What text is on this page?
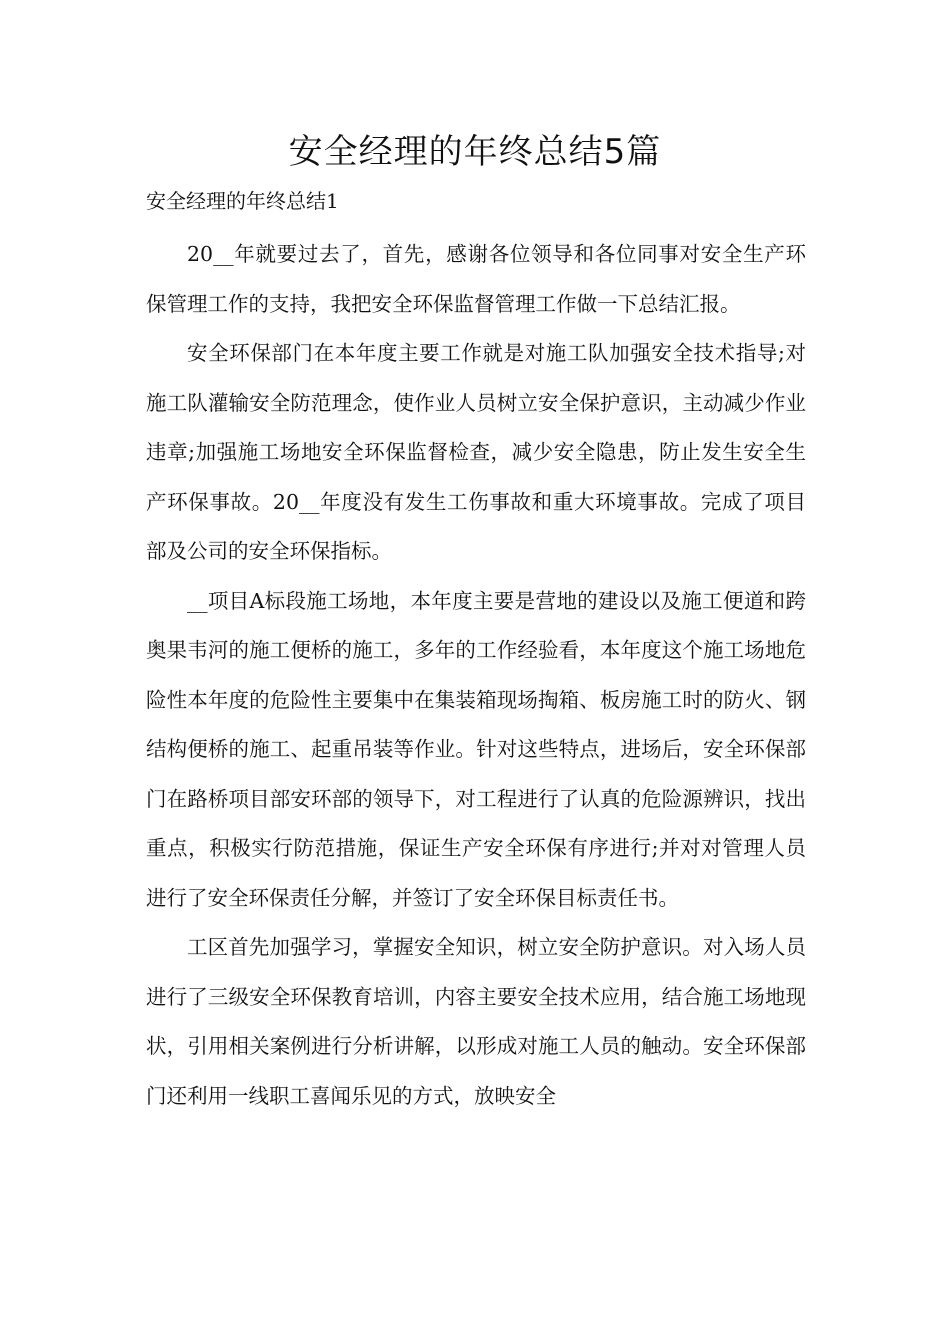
安全经理的年终总结5篇
安全经理的年终总结1

20__年就要过去了，首先，感谢各位领导和各位同事对安全生产环保管理工作的支持，我把安全环保监督管理工作做一下总结汇报。

安全环保部门在本年度主要工作就是对施工队加强安全技术指导;对施工队灌输安全防范理念，使作业人员树立安全保护意识，主动减少作业违章;加强施工场地安全环保监督检查，减少安全隐患，防止发生安全生产环保事故。20__年度没有发生工伤事故和重大环境事故。完成了项目部及公司的安全环保指标。

__项目A标段施工场地，本年度主要是营地的建设以及施工便道和跨奥果韦河的施工便桥的施工，多年的工作经验看，本年度这个施工场地危险性本年度的危险性主要集中在集装箱现场掏箱、板房施工时的防火、钢结构便桥的施工、起重吊装等作业。针对这些特点，进场后，安全环保部门在路桥项目部安环部的领导下，对工程进行了认真的危险源辨识，找出重点，积极实行防范措施，保证生产安全环保有序进行;并对对管理人员进行了安全环保责任分解，并签订了安全环保目标责任书。

工区首先加强学习，掌握安全知识，树立安全防护意识。对入场人员进行了三级安全环保教育培训，内容主要安全技术应用，结合施工场地现状，引用相关案例进行分析讲解，以形成对施工人员的触动。安全环保部门还利用一线职工喜闻乐见的方式，放映安全
